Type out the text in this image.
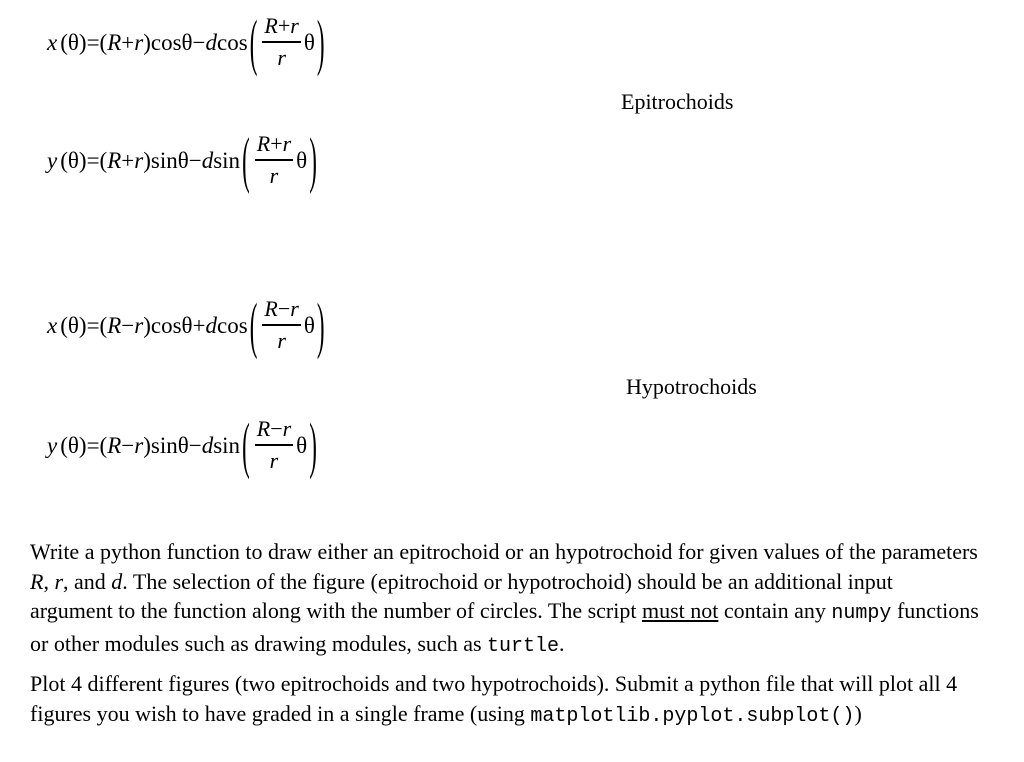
x ( θ )=( R + r )cosθ− d cos ( $\frac{R+r}{r}$ θ )
Epitrochoids
y ( θ )=( R + r )sinθ− d sin ( $\frac{R+r}{r}$ θ )
x ( θ )=( R − r )cosθ+ d cos ( $\frac{R-r}{r}$ θ )
Hypotrochoids
y ( θ )=( R − r )sinθ− d sin ( $\frac{R-r}{r}$ θ )

Write a python function to draw either an epitrochoid or an hypotrochoid for given values of the parameters R, r, and d. The selection of the figure (epitrochoid or hypotrochoid) should be an additional input argument to the function along with the number of circles. The script must not contain any numpy functions or other modules such as drawing modules, such as turtle.

Plot 4 different figures (two epitrochoids and two hypotrochoids). Submit a python file that will plot all 4 figures you wish to have graded in a single frame (using matplotlib.pyplot.subplot())
